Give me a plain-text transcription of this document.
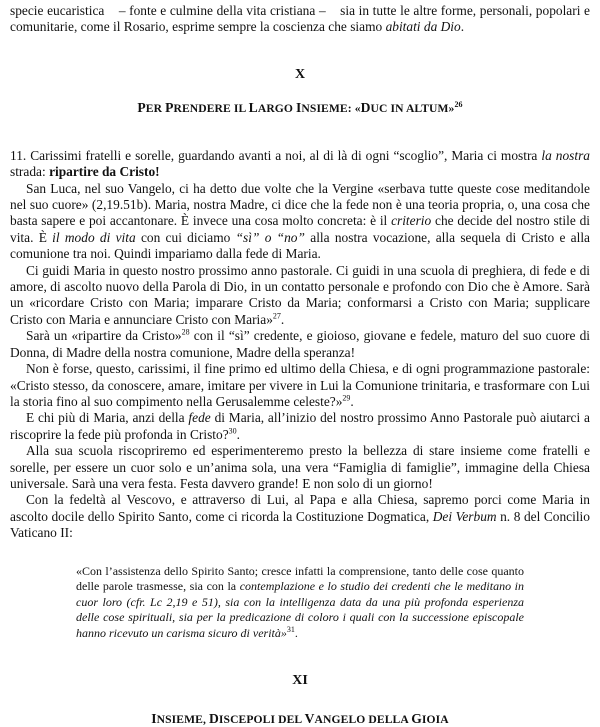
specie eucaristica – fonte e culmine della vita cristiana – sia in tutte le altre forme, personali, popolari e comunitarie, come il Rosario, esprime sempre la coscienza che siamo abitati da Dio.

X

PER PRENDERE IL LARGO INSIEME: «DUC IN ALTUM»$^{26}$

11. Carissimi fratelli e sorelle, guardando avanti a noi, al di là di ogni “scoglio”, Maria ci mostra la nostra strada: ripartire da Cristo!

San Luca, nel suo Vangelo, ci ha detto due volte che la Vergine «serbava tutte queste cose meditandole nel suo cuore» (2,19.51b). Maria, nostra Madre, ci dice che la fede non è una teoria propria, o, una cosa che basta sapere e poi accantonare. È invece una cosa molto concreta: è il criterio che decide del nostro stile di vita. È il modo di vita con cui diciamo “sì” o “no” alla nostra vocazione, alla sequela di Cristo e alla comunione tra noi. Quindi impariamo dalla fede di Maria.

Ci guidi Maria in questo nostro prossimo anno pastorale. Ci guidi in una scuola di preghiera, di fede e di amore, di ascolto nuovo della Parola di Dio, in un contatto personale e profondo con Dio che è Amore. Sarà un «ricordare Cristo con Maria; imparare Cristo da Maria; conformarsi a Cristo con Maria; supplicare Cristo con Maria e annunciare Cristo con Maria»$^{27}$.

Sarà un «ripartire da Cristo»$^{28}$ con il “sì” credente, e gioioso, giovane e fedele, maturo del suo cuore di Donna, di Madre della nostra comunione, Madre della speranza!

Non è forse, questo, carissimi, il fine primo ed ultimo della Chiesa, e di ogni programmazione pastorale: «Cristo stesso, da conoscere, amare, imitare per vivere in Lui la Comunione trinitaria, e trasformare con Lui la storia fino al suo compimento nella Gerusalemme celeste?»$^{29}$.

E chi più di Maria, anzi della fede di Maria, all’inizio del nostro prossimo Anno Pastorale può aiutarci a riscoprire la fede più profonda in Cristo?$^{30}$.

Alla sua scuola riscopriremo ed esperimenteremo presto la bellezza di stare insieme come fratelli e sorelle, per essere un cuor solo e un’anima sola, una vera “Famiglia di famiglie”, immagine della Chiesa universale. Sarà una vera festa. Festa davvero grande! E non solo di un giorno!

Con la fedeltà al Vescovo, e attraverso di Lui, al Papa e alla Chiesa, sapremo porci come Maria in ascolto docile dello Spirito Santo, come ci ricorda la Costituzione Dogmatica, Dei Verbum n. 8 del Concilio Vaticano II:

«Con l’assistenza dello Spirito Santo; cresce infatti la comprensione, tanto delle cose quanto delle parole trasmesse, sia con la contemplazione e lo studio dei credenti che le meditano in cuor loro (cfr. Lc 2,19 e 51), sia con la intelligenza data da una più profonda esperienza delle cose spirituali, sia per la predicazione di coloro i quali con la successione episcopale hanno ricevuto un carisma sicuro di verità»$^{31}$.

XI

INSIEME, DISCEPOLI DEL VANGELO DELLA GIOIA
